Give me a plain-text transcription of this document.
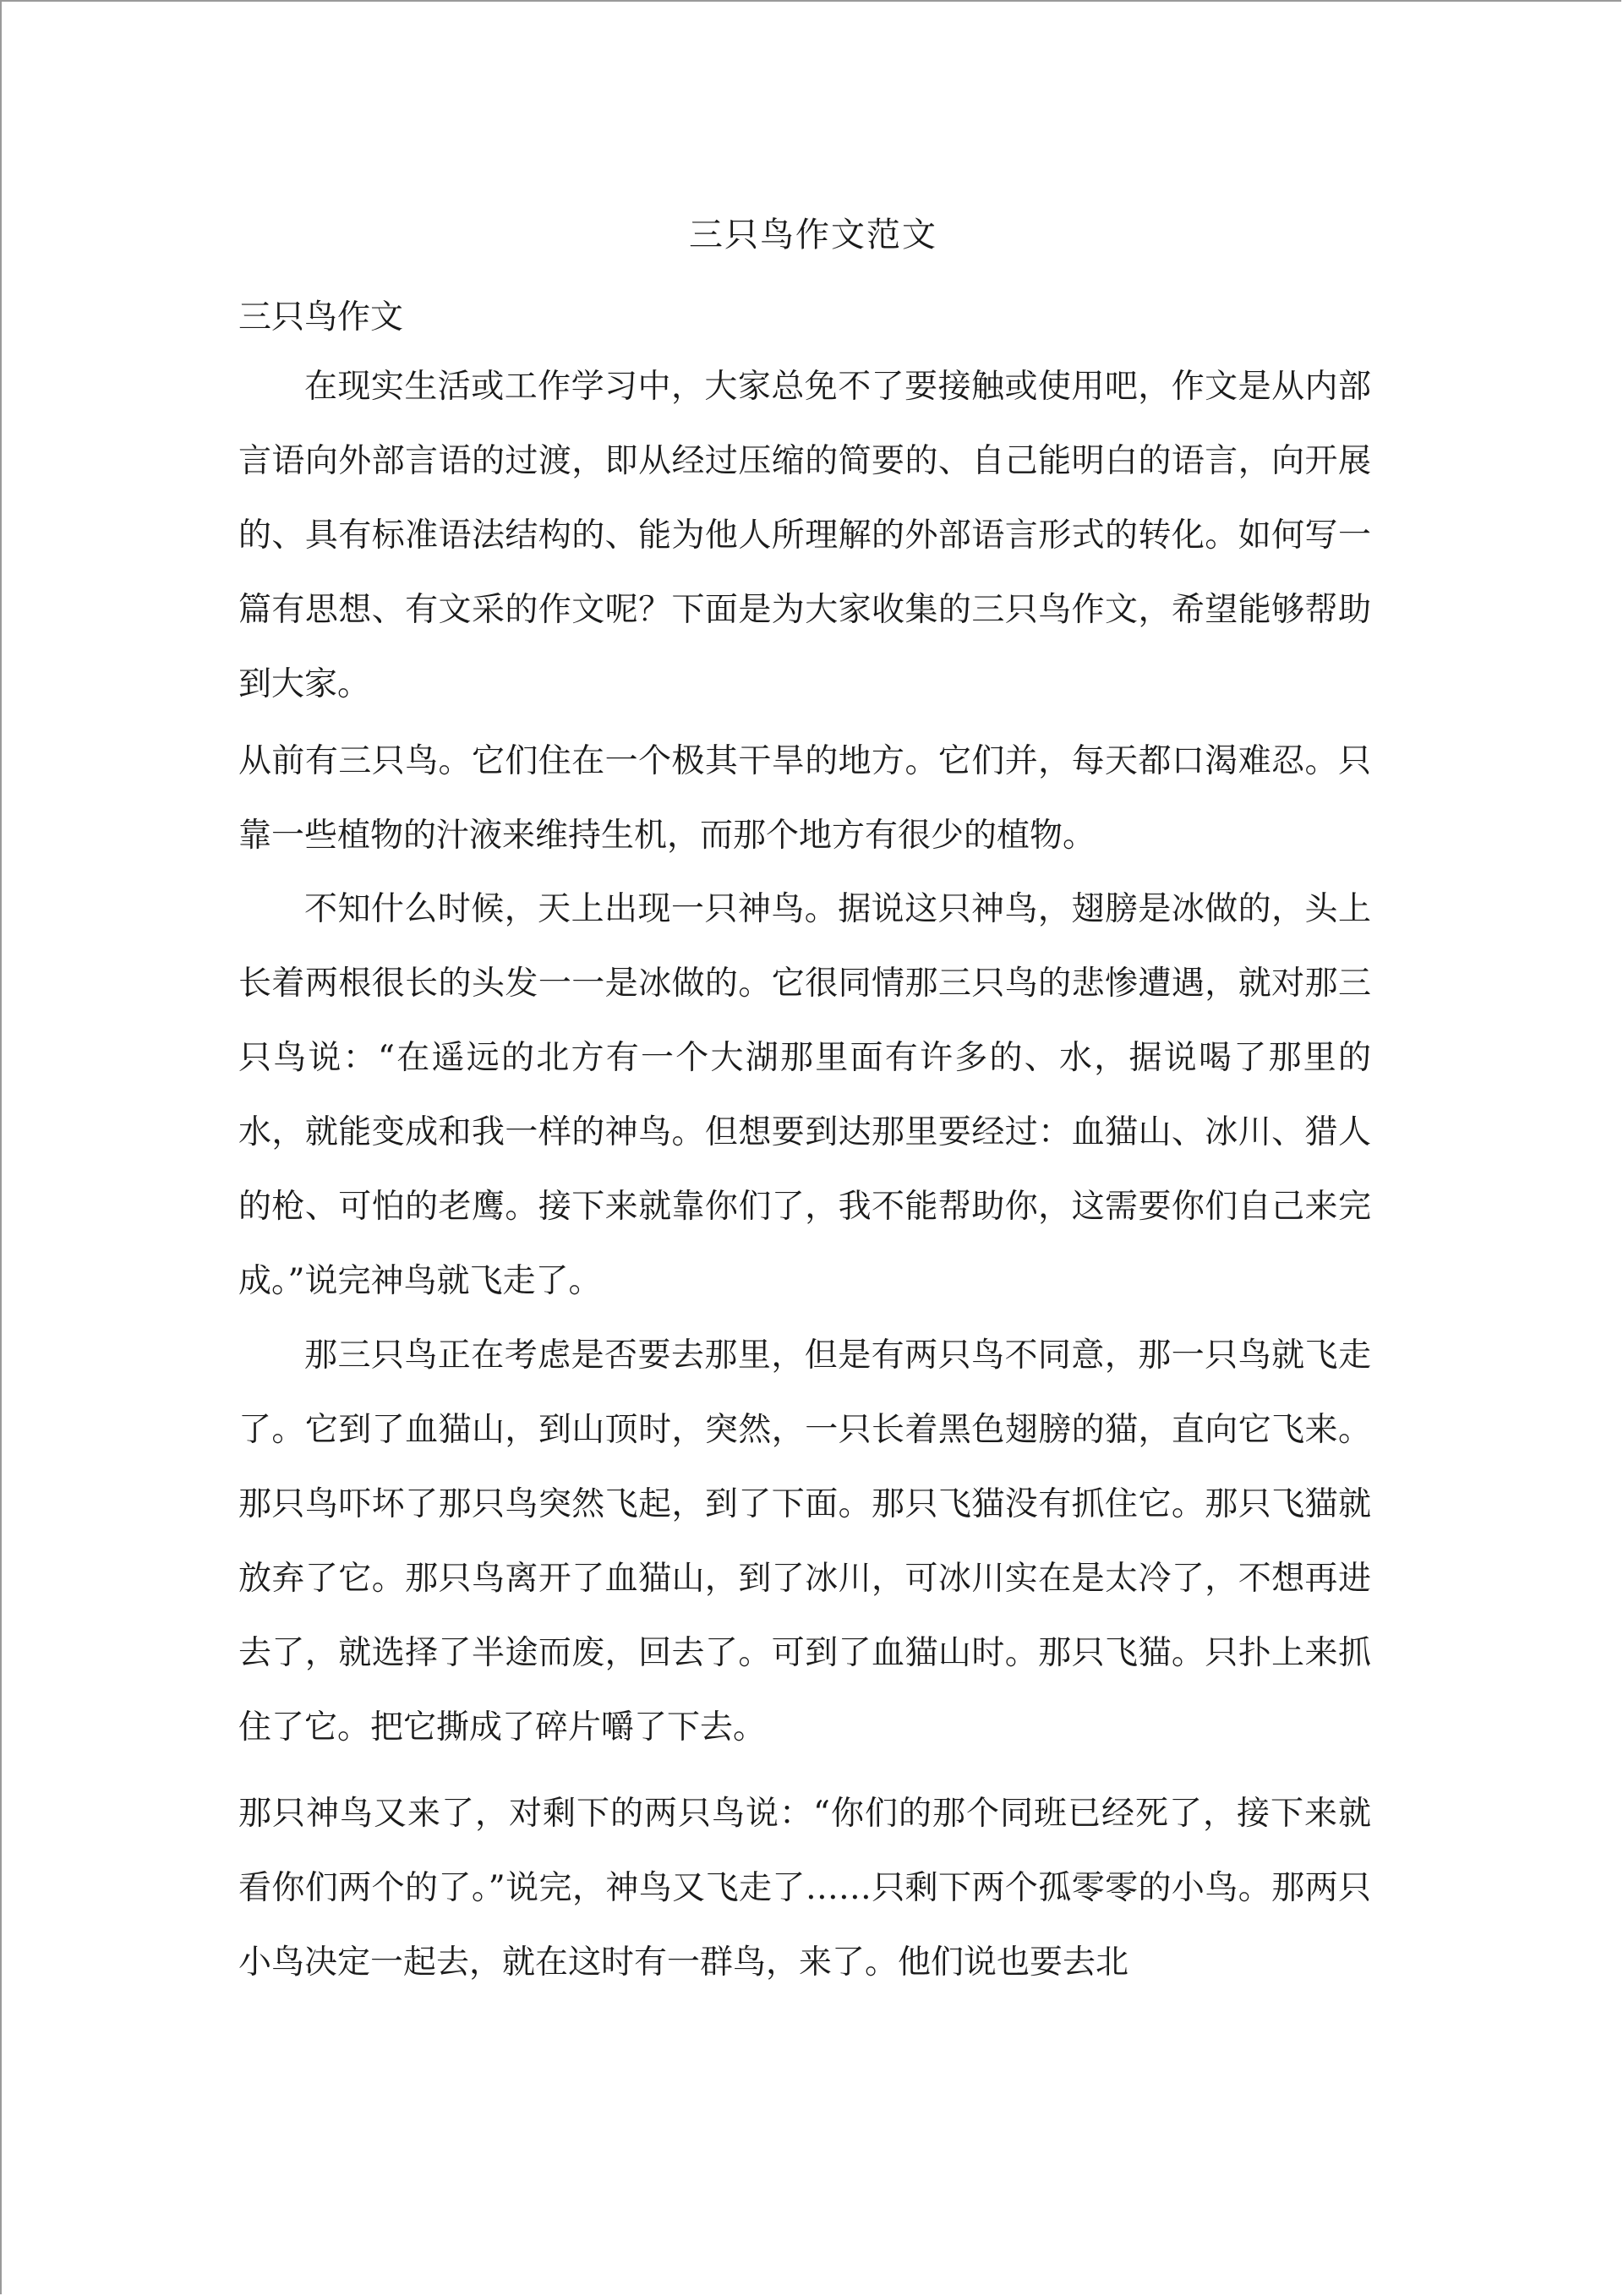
三只鸟作文范文

三只鸟作文

在现实生活或工作学习中，大家总免不了要接触或使用吧，作文是从内部言语向外部言语的过渡，即从经过压缩的简要的、自己能明白的语言，向开展的、具有标准语法结构的、能为他人所理解的外部语言形式的转化。如何写一篇有思想、有文采的作文呢？下面是为大家收集的三只鸟作文，希望能够帮助到大家。

从前有三只鸟。它们住在一个极其干旱的地方。它们并，每天都口渴难忍。只靠一些植物的汁液来维持生机，而那个地方有很少的植物。

不知什么时候，天上出现一只神鸟。据说这只神鸟，翅膀是冰做的，头上长着两根很长的头发一一是冰做的。它很同情那三只鸟的悲惨遭遇，就对那三只鸟说：“在遥远的北方有一个大湖那里面有许多的、水，据说喝了那里的水，就能变成和我一样的神鸟。但想要到达那里要经过：血猫山、冰川、猎人的枪、可怕的老鹰。接下来就靠你们了，我不能帮助你，这需要你们自己来完成。”说完神鸟就飞走了。

那三只鸟正在考虑是否要去那里，但是有两只鸟不同意，那一只鸟就飞走了。它到了血猫山，到山顶时，突然，一只长着黑色翅膀的猫，直向它飞来。那只鸟吓坏了那只鸟突然飞起，到了下面。那只飞猫没有抓住它。那只飞猫就放弃了它。那只鸟离开了血猫山，到了冰川，可冰川实在是太冷了，不想再进去了，就选择了半途而废，回去了。可到了血猫山时。那只飞猫。只扑上来抓住了它。把它撕成了碎片嚼了下去。

那只神鸟又来了，对剩下的两只鸟说：“你们的那个同班已经死了，接下来就看你们两个的了。”说完，神鸟又飞走了……只剩下两个孤零零的小鸟。那两只小鸟决定一起去，就在这时有一群鸟，来了。他们说也要去北
